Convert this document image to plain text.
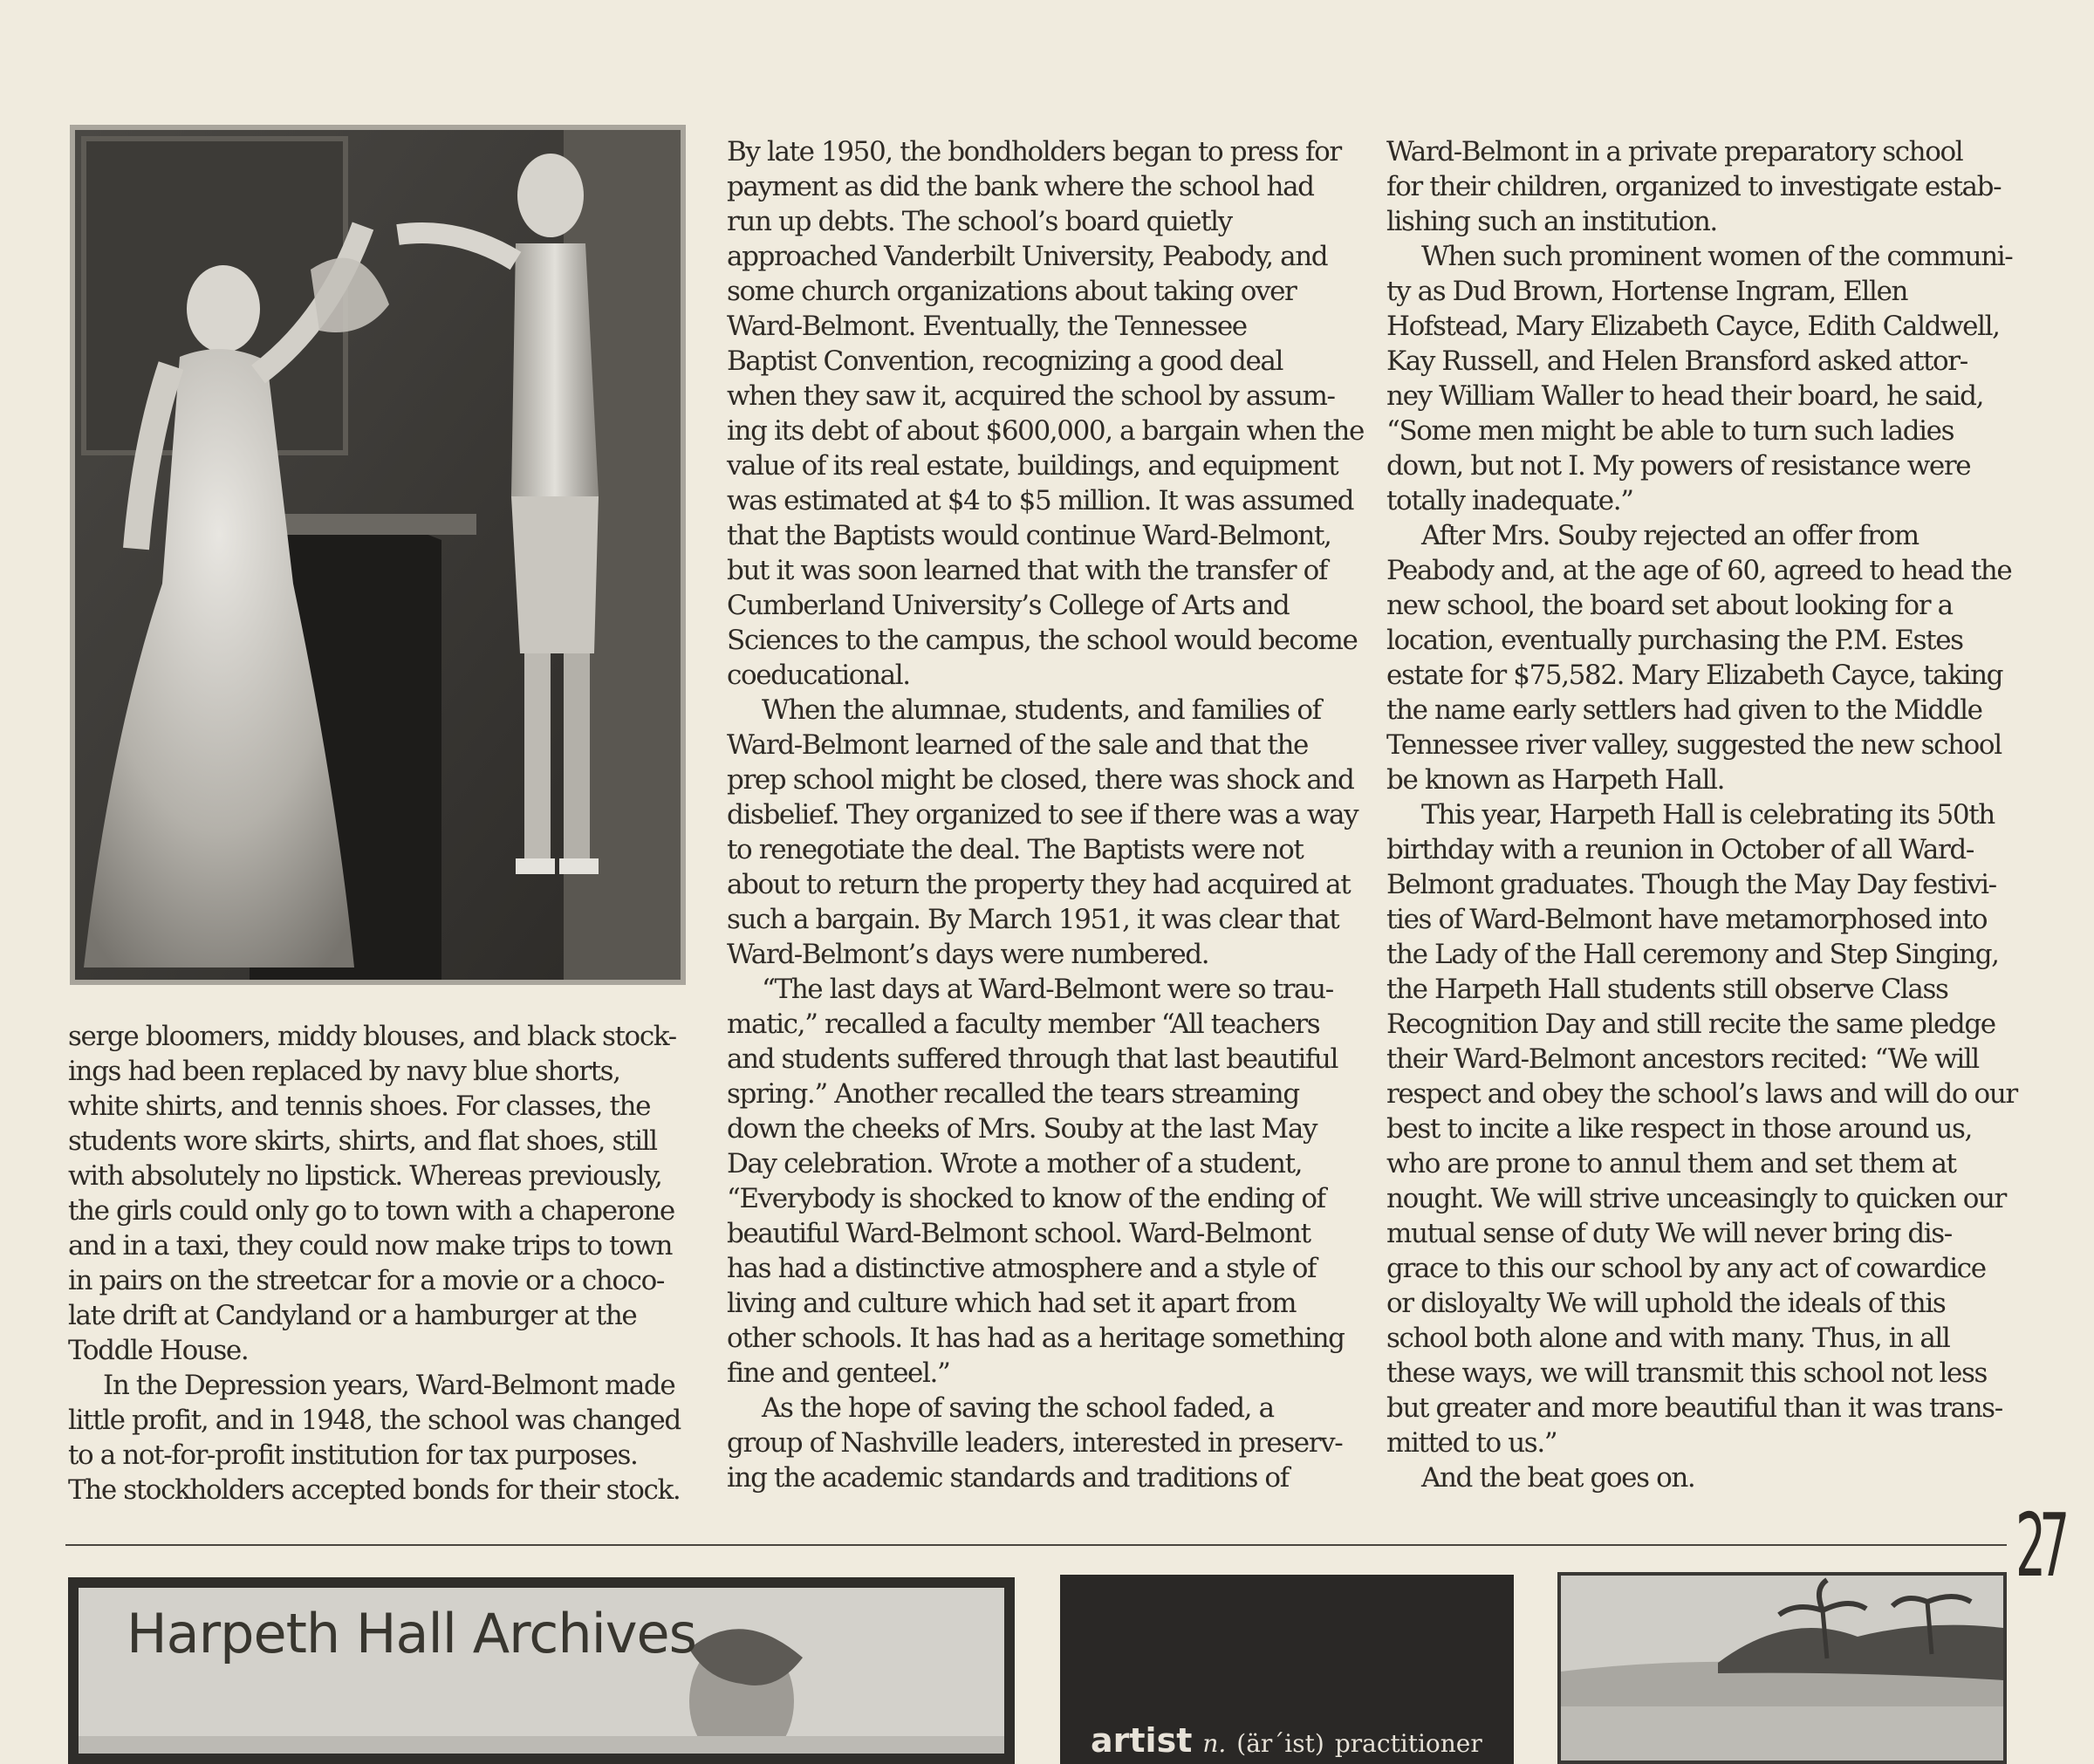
serge bloomers, middy blouses, and black stock-
ings had been replaced by navy blue shorts,
white shirts, and tennis shoes. For classes, the
students wore skirts, shirts, and flat shoes, still
with absolutely no lipstick. Whereas previously,
the girls could only go to town with a chaperone
and in a taxi, they could now make trips to town
in pairs on the streetcar for a movie or a choco-
late drift at Candyland or a hamburger at the
Toddle House.
In the Depression years, Ward-Belmont made
little profit, and in 1948, the school was changed
to a not-for-profit institution for tax purposes.
The stockholders accepted bonds for their stock.
By late 1950, the bondholders began to press for
payment as did the bank where the school had
run up debts. The school’s board quietly
approached Vanderbilt University, Peabody, and
some church organizations about taking over
Ward-Belmont. Eventually, the Tennessee
Baptist Convention, recognizing a good deal
when they saw it, acquired the school by assum-
ing its debt of about $600,000, a bargain when the
value of its real estate, buildings, and equipment
was estimated at $4 to $5 million. It was assumed
that the Baptists would continue Ward-Belmont,
but it was soon learned that with the transfer of
Cumberland University’s College of Arts and
Sciences to the campus, the school would become
coeducational.
When the alumnae, students, and families of
Ward-Belmont learned of the sale and that the
prep school might be closed, there was shock and
disbelief. They organized to see if there was a way
to renegotiate the deal. The Baptists were not
about to return the property they had acquired at
such a bargain. By March 1951, it was clear that
Ward-Belmont’s days were numbered.
“The last days at Ward-Belmont were so trau-
matic,” recalled a faculty member “All teachers
and students suffered through that last beautiful
spring.” Another recalled the tears streaming
down the cheeks of Mrs. Souby at the last May
Day celebration. Wrote a mother of a student,
“Everybody is shocked to know of the ending of
beautiful Ward-Belmont school. Ward-Belmont
has had a distinctive atmosphere and a style of
living and culture which had set it apart from
other schools. It has had as a heritage something
fine and genteel.”
As the hope of saving the school faded, a
group of Nashville leaders, interested in preserv-
ing the academic standards and traditions of
Ward-Belmont in a private preparatory school
for their children, organized to investigate estab-
lishing such an institution.
When such prominent women of the communi-
ty as Dud Brown, Hortense Ingram, Ellen
Hofstead, Mary Elizabeth Cayce, Edith Caldwell,
Kay Russell, and Helen Bransford asked attor-
ney William Waller to head their board, he said,
“Some men might be able to turn such ladies
down, but not I. My powers of resistance were
totally inadequate.”
After Mrs. Souby rejected an offer from
Peabody and, at the age of 60, agreed to head the
new school, the board set about looking for a
location, eventually purchasing the P.M. Estes
estate for $75,582. Mary Elizabeth Cayce, taking
the name early settlers had given to the Middle
Tennessee river valley, suggested the new school
be known as Harpeth Hall.
This year, Harpeth Hall is celebrating its 50th
birthday with a reunion in October of all Ward-
Belmont graduates. Though the May Day festivi-
ties of Ward-Belmont have metamorphosed into
the Lady of the Hall ceremony and Step Singing,
the Harpeth Hall students still observe Class
Recognition Day and still recite the same pledge
their Ward-Belmont ancestors recited: “We will
respect and obey the school’s laws and will do our
best to incite a like respect in those around us,
who are prone to annul them and set them at
nought. We will strive unceasingly to quicken our
mutual sense of duty We will never bring dis-
grace to this our school by any act of cowardice
or disloyalty We will uphold the ideals of this
school both alone and with many. Thus, in all
these ways, we will transmit this school not less
but greater and more beautiful than it was trans-
mitted to us.”
And the beat goes on.
27
Harpeth Hall Archives
artist n. (är´ist) practitioner
